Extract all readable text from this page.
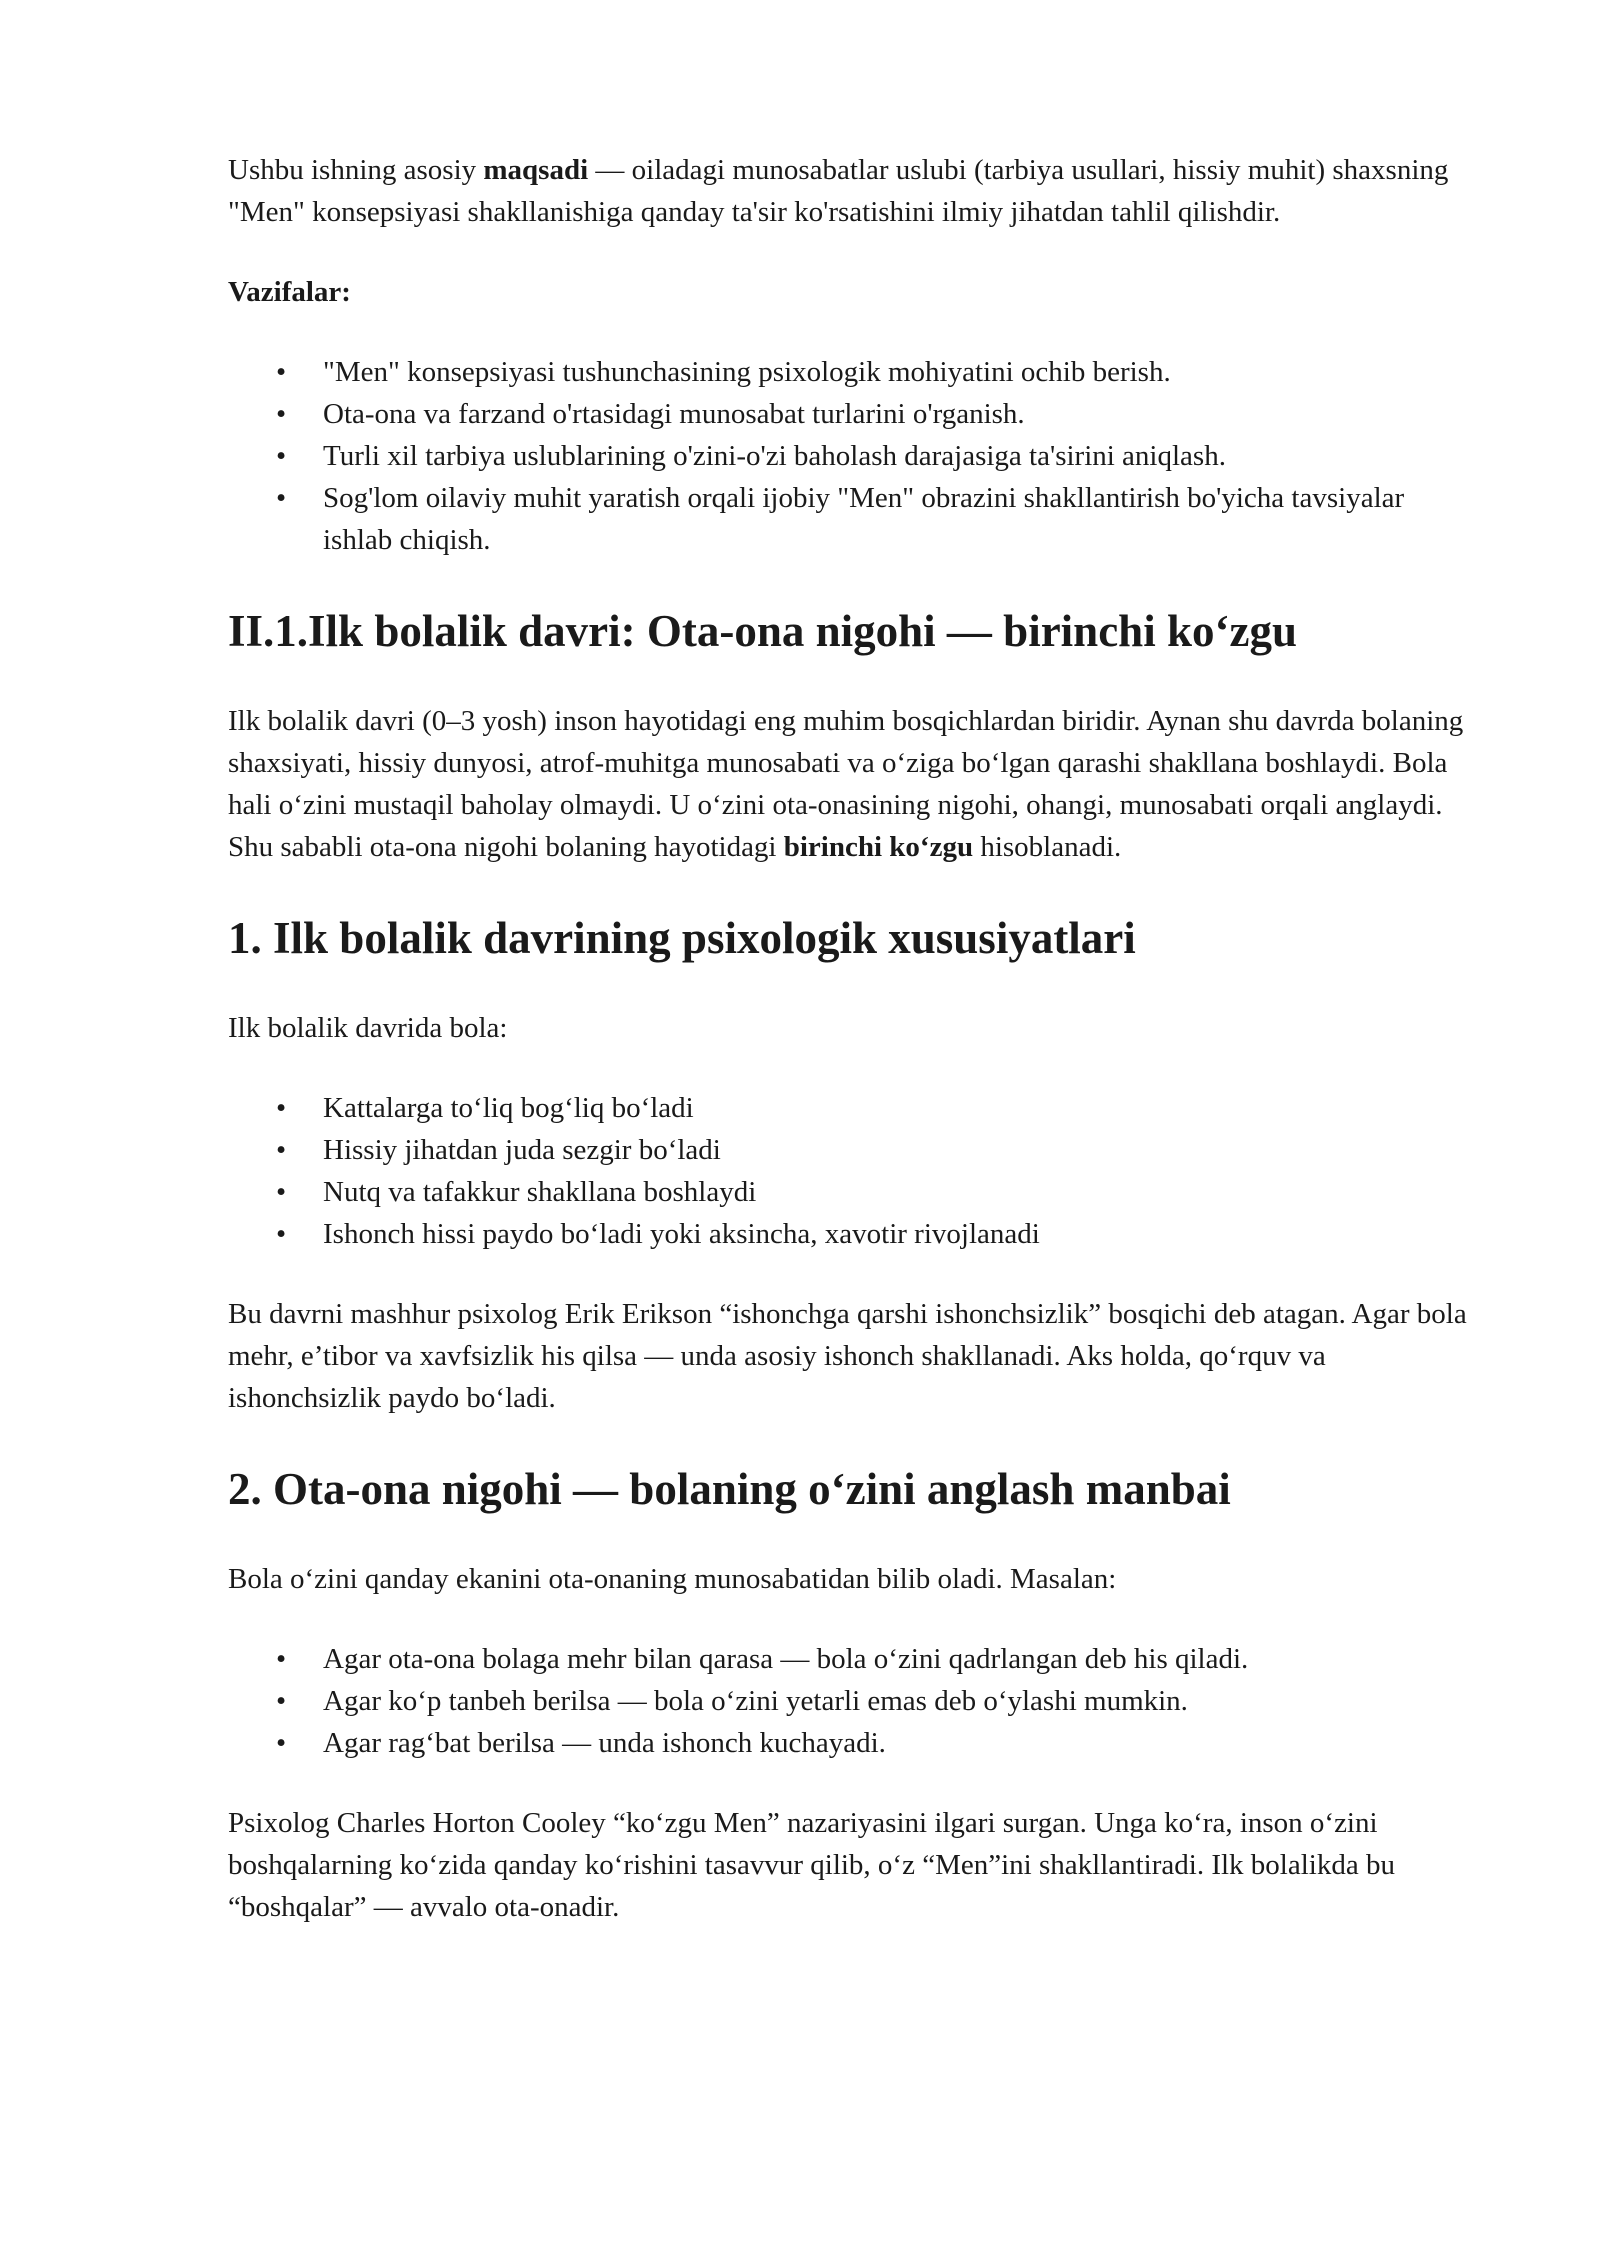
Ushbu ishning asosiy maqsadi — oiladagi munosabatlar uslubi (tarbiya usullari, hissiy muhit) shaxsning "Men" konsepsiyasi shakllanishiga qanday ta'sir ko'rsatishini ilmiy jihatdan tahlil qilishdir.

Vazifalar:

• "Men" konsepsiyasi tushunchasining psixologik mohiyatini ochib berish.
• Ota-ona va farzand o'rtasidagi munosabat turlarini o'rganish.
• Turli xil tarbiya uslublarining o'zini-o'zi baholash darajasiga ta'sirini aniqlash.
• Sog'lom oilaviy muhit yaratish orqali ijobiy "Men" obrazini shakllantirish bo'yicha tavsiyalar ishlab chiqish.
II.1.Ilk bolalik davri: Ota-ona nigohi — birinchi ko‘zgu

Ilk bolalik davri (0–3 yosh) inson hayotidagi eng muhim bosqichlardan biridir. Aynan shu davrda bolaning shaxsiyati, hissiy dunyosi, atrof-muhitga munosabati va o‘ziga bo‘lgan qarashi shakllana boshlaydi. Bola hali o‘zini mustaqil baholay olmaydi. U o‘zini ota-onasining nigohi, ohangi, munosabati orqali anglaydi. Shu sababli ota-ona nigohi bolaning hayotidagi birinchi ko‘zgu hisoblanadi.

1. Ilk bolalik davrining psixologik xususiyatlari

Ilk bolalik davrida bola:

• Kattalarga to‘liq bog‘liq bo‘ladi
• Hissiy jihatdan juda sezgir bo‘ladi
• Nutq va tafakkur shakllana boshlaydi
• Ishonch hissi paydo bo‘ladi yoki aksincha, xavotir rivojlanadi

Bu davrni mashhur psixolog Erik Erikson “ishonchga qarshi ishonchsizlik” bosqichi deb atagan. Agar bola mehr, e’tibor va xavfsizlik his qilsa — unda asosiy ishonch shakllanadi. Aks holda, qo‘rquv va ishonchsizlik paydo bo‘ladi.

2. Ota-ona nigohi — bolaning o‘zini anglash manbai

Bola o‘zini qanday ekanini ota-onaning munosabatidan bilib oladi. Masalan:

• Agar ota-ona bolaga mehr bilan qarasa — bola o‘zini qadrlangan deb his qiladi.
• Agar ko‘p tanbeh berilsa — bola o‘zini yetarli emas deb o‘ylashi mumkin.
• Agar rag‘bat berilsa — unda ishonch kuchayadi.

Psixolog Charles Horton Cooley “ko‘zgu Men” nazariyasini ilgari surgan. Unga ko‘ra, inson o‘zini boshqalarning ko‘zida qanday ko‘rishini tasavvur qilib, o‘z “Men”ini shakllantiradi. Ilk bolalikda bu “boshqalar” — avvalo ota-onadir.
